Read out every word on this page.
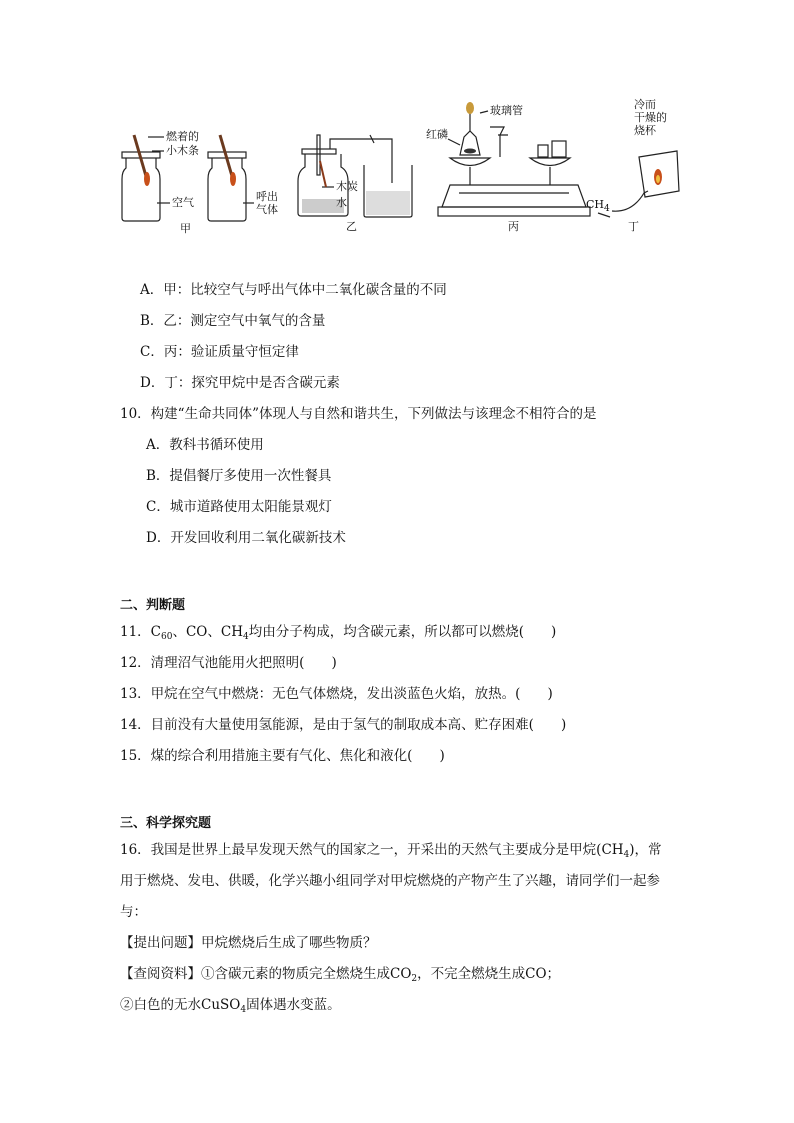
燃着的
小木条
空气	呼出
气体
甲
木炭
水
乙
红磷
玻璃管
丙
冷而
干燥的
烧杯
$CH_4$
丁
A．甲：比较空气与呼出气体中二氧化碳含量的不同
B．乙：测定空气中氧气的含量
C．丙：验证质量守恒定律
D．丁：探究甲烷中是否含碳元素
10．构建“生命共同体”体现人与自然和谐共生，下列做法与该理念不相符合的是
A．教科书循环使用
B．提倡餐厅多使用一次性餐具
C．城市道路使用太阳能景观灯
D．开发回收利用二氧化碳新技术
二、判断题
11．$C_{60}$、CO、$CH_4$均由分子构成，均含碳元素，所以都可以燃烧(　　)
12．清理沼气池能用火把照明(　　)
13．甲烷在空气中燃烧：无色气体燃烧，发出淡蓝色火焰，放热。(　　)
14．目前没有大量使用氢能源，是由于氢气的制取成本高、贮存困难(　　)
15．煤的综合利用措施主要有气化、焦化和液化(　　)
三、科学探究题
16．我国是世界上最早发现天然气的国家之一，开采出的天然气主要成分是甲烷$(CH_4)$，常
用于燃烧、发电、供暖，化学兴趣小组同学对甲烷燃烧的产物产生了兴趣，请同学们一起参
与：
【提出问题】甲烷燃烧后生成了哪些物质？
【查阅资料】①含碳元素的物质完全燃烧生成$CO_2$，不完全燃烧生成CO；
②白色的无水CuSO$_4$固体遇水变蓝。
